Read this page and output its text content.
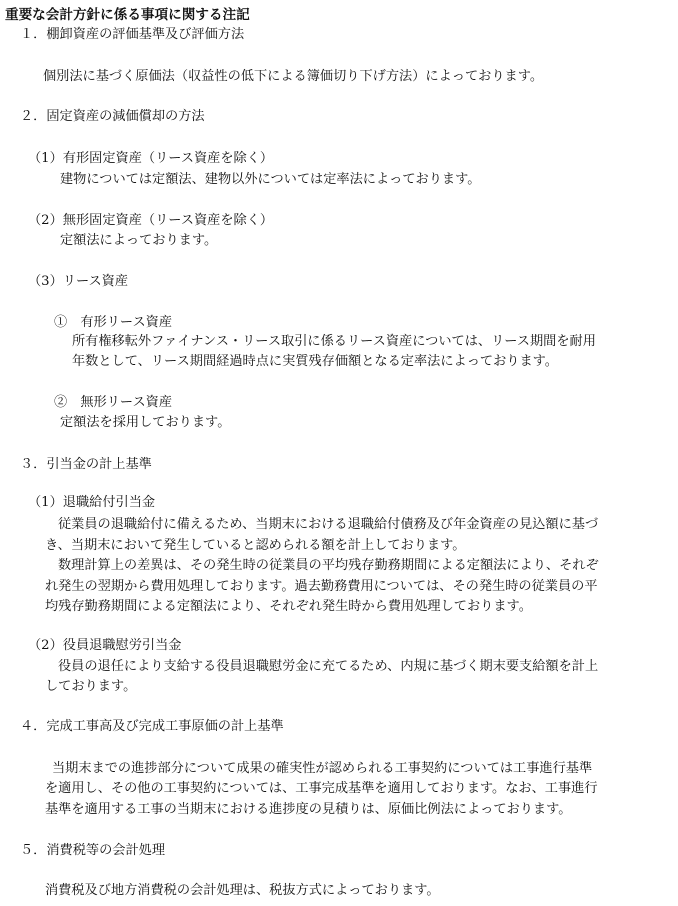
重要な会計方針に係る事項に関する注記
１．棚卸資産の評価基準及び評価方法
個別法に基づく原価法（収益性の低下による簿価切り下げ方法）によっております。
２．固定資産の減価償却の方法
（1）有形固定資産（リース資産を除く）
建物については定額法、建物以外については定率法によっております。
（2）無形固定資産（リース資産を除く）
定額法によっております。
（3）リース資産
①　有形リース資産
所有権移転外ファイナンス・リース取引に係るリース資産については、リース期間を耐用
年数として、リース期間経過時点に実質残存価額となる定率法によっております。
②　無形リース資産
定額法を採用しております。
３．引当金の計上基準
（1）退職給付引当金
従業員の退職給付に備えるため、当期末における退職給付債務及び年金資産の見込額に基づ
き、当期末において発生していると認められる額を計上しております。
数理計算上の差異は、その発生時の従業員の平均残存勤務期間による定額法により、それぞ
れ発生の翌期から費用処理しております。過去勤務費用については、その発生時の従業員の平
均残存勤務期間による定額法により、それぞれ発生時から費用処理しております。
（2）役員退職慰労引当金
役員の退任により支給する役員退職慰労金に充てるため、内規に基づく期末要支給額を計上
しております。
４．完成工事高及び完成工事原価の計上基準
当期末までの進捗部分について成果の確実性が認められる工事契約については工事進行基準
を適用し、その他の工事契約については、工事完成基準を適用しております。なお、工事進行
基準を適用する工事の当期末における進捗度の見積りは、原価比例法によっております。
５．消費税等の会計処理
消費税及び地方消費税の会計処理は、税抜方式によっております。
